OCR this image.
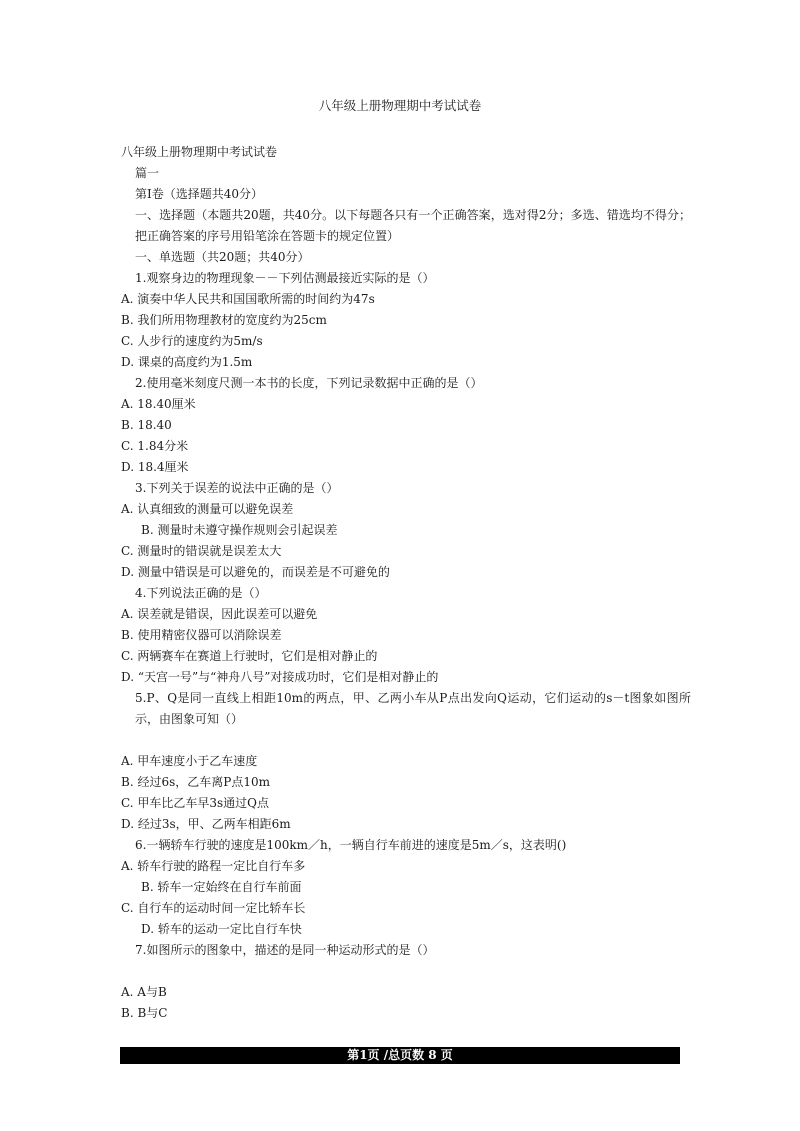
八年级上册物理期中考试试卷
八年级上册物理期中考试试卷
篇一
第Ⅰ卷（选择题共40分）
一、选择题（本题共20题，共40分。以下每题各只有一个正确答案，选对得2分；多选、错选均不得分；把正确答案的序号用铅笔涂在答题卡的规定位置）
一、单选题（共20题；共40分）
1.观察身边的物理现象－－下列估测最接近实际的是（）
A. 演奏中华人民共和国国歌所需的时间约为47s
B. 我们所用物理教材的宽度约为25cm
C. 人步行的速度约为5m/s
D. 课桌的高度约为1.5m
2.使用毫米刻度尺测一本书的长度，下列记录数据中正确的是（）
A. 18.40厘米
B. 18.40
C. 1.84分米
D. 18.4厘米
3.下列关于误差的说法中正确的是（）
A. 认真细致的测量可以避免误差
B. 测量时未遵守操作规则会引起误差
C. 测量时的错误就是误差太大
D. 测量中错误是可以避免的，而误差是不可避免的
4.下列说法正确的是（）
A. 误差就是错误，因此误差可以避免
B. 使用精密仪器可以消除误差
C. 两辆赛车在赛道上行驶时，它们是相对静止的
D. “天宫一号”与“神舟八号”对接成功时，它们是相对静止的
5.P、Q是同一直线上相距10m的两点，甲、乙两小车从P点出发向Q运动，它们运动的s－t图象如图所示，由图象可知（）
A. 甲车速度小于乙车速度
B. 经过6s，乙车离P点10m
C. 甲车比乙车早3s通过Q点
D. 经过3s，甲、乙两车相距6m
6.一辆轿车行驶的速度是100km／h，一辆自行车前进的速度是5m／s，这表明()
A. 轿车行驶的路程一定比自行车多
B. 轿车一定始终在自行车前面
C. 自行车的运动时间一定比轿车长
D. 轿车的运动一定比自行车快
7.如图所示的图象中，描述的是同一种运动形式的是（）
A. A与B
B. B与C
第1页 /总页数 8 页
